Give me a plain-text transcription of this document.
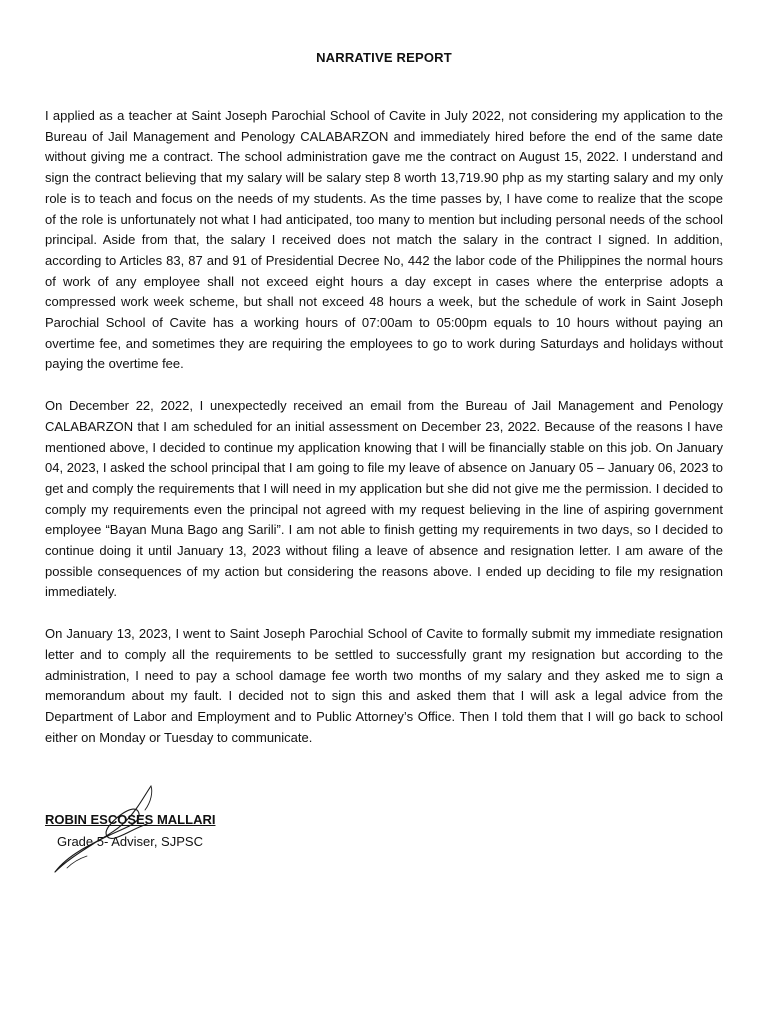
NARRATIVE REPORT

I applied as a teacher at Saint Joseph Parochial School of Cavite in July 2022, not considering my application to the Bureau of Jail Management and Penology CALABARZON and immediately hired before the end of the same date without giving me a contract. The school administration gave me the contract on August 15, 2022. I understand and sign the contract believing that my salary will be salary step 8 worth 13,719.90 php as my starting salary and my only role is to teach and focus on the needs of my students. As the time passes by, I have come to realize that the scope of the role is unfortunately not what I had anticipated, too many to mention but including personal needs of the school principal. Aside from that, the salary I received does not match the salary in the contract I signed. In addition, according to Articles 83, 87 and 91 of Presidential Decree No, 442 the labor code of the Philippines the normal hours of work of any employee shall not exceed eight hours a day except in cases where the enterprise adopts a compressed work week scheme, but shall not exceed 48 hours a week, but the schedule of work in Saint Joseph Parochial School of Cavite has a working hours of 07:00am to 05:00pm equals to 10 hours without paying an overtime fee, and sometimes they are requiring the employees to go to work during Saturdays and holidays without paying the overtime fee.

On December 22, 2022, I unexpectedly received an email from the Bureau of Jail Management and Penology CALABARZON that I am scheduled for an initial assessment on December 23, 2022. Because of the reasons I have mentioned above, I decided to continue my application knowing that I will be financially stable on this job. On January 04, 2023, I asked the school principal that I am going to file my leave of absence on January 05 – January 06, 2023 to get and comply the requirements that I will need in my application but she did not give me the permission. I decided to comply my requirements even the principal not agreed with my request believing in the line of aspiring government employee “Bayan Muna Bago ang Sarili”. I am not able to finish getting my requirements in two days, so I decided to continue doing it until January 13, 2023 without filing a leave of absence and resignation letter. I am aware of the possible consequences of my action but considering the reasons above. I ended up deciding to file my resignation immediately.

On January 13, 2023, I went to Saint Joseph Parochial School of Cavite to formally submit my immediate resignation letter and to comply all the requirements to be settled to successfully grant my resignation but according to the administration, I need to pay a school damage fee worth two months of my salary and they asked me to sign a memorandum about my fault. I decided not to sign this and asked them that I will ask a legal advice from the Department of Labor and Employment and to Public Attorney’s Office. Then I told them that I will go back to school either on Monday or Tuesday to communicate.

ROBIN ESCOSES MALLARI
Grade 5- Adviser, SJPSC
